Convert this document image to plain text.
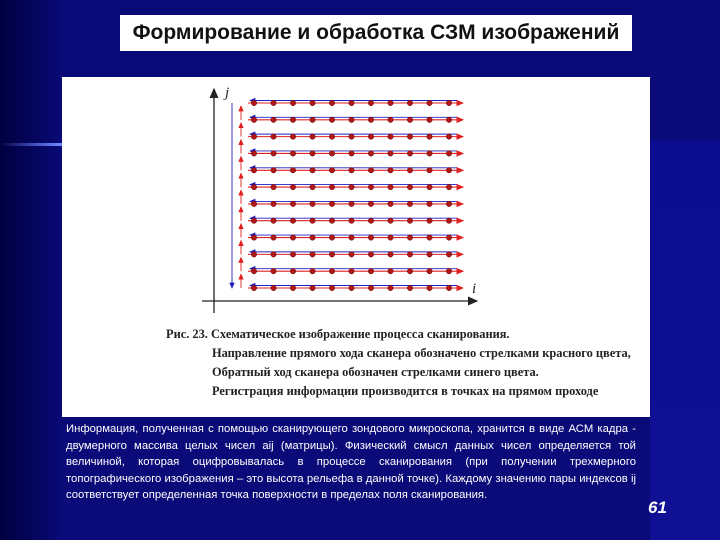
Формирование и обработка СЗМ изображений
j
i
Рис. 23. Схематическое изображение процесса сканирования.
Направление прямого хода сканера обозначено стрелками красного цвета,
Обратный ход сканера обозначен стрелками синего цвета.
Регистрация информации производится в точках на прямом проходе
Информация, полученная с помощью сканирующего зондового микроскопа, хранится в виде АСМ кадра - двумерного массива целых чисел aij (матрицы). Физический смысл данных чисел определяется той величиной, которая оцифровывалась в процессе сканирования (при получении трехмерного топографического изображения – это высота рельефа в данной точке). Каждому значению пары индексов ij соответствует определенная точка поверхности в пределах поля сканирования.
61
